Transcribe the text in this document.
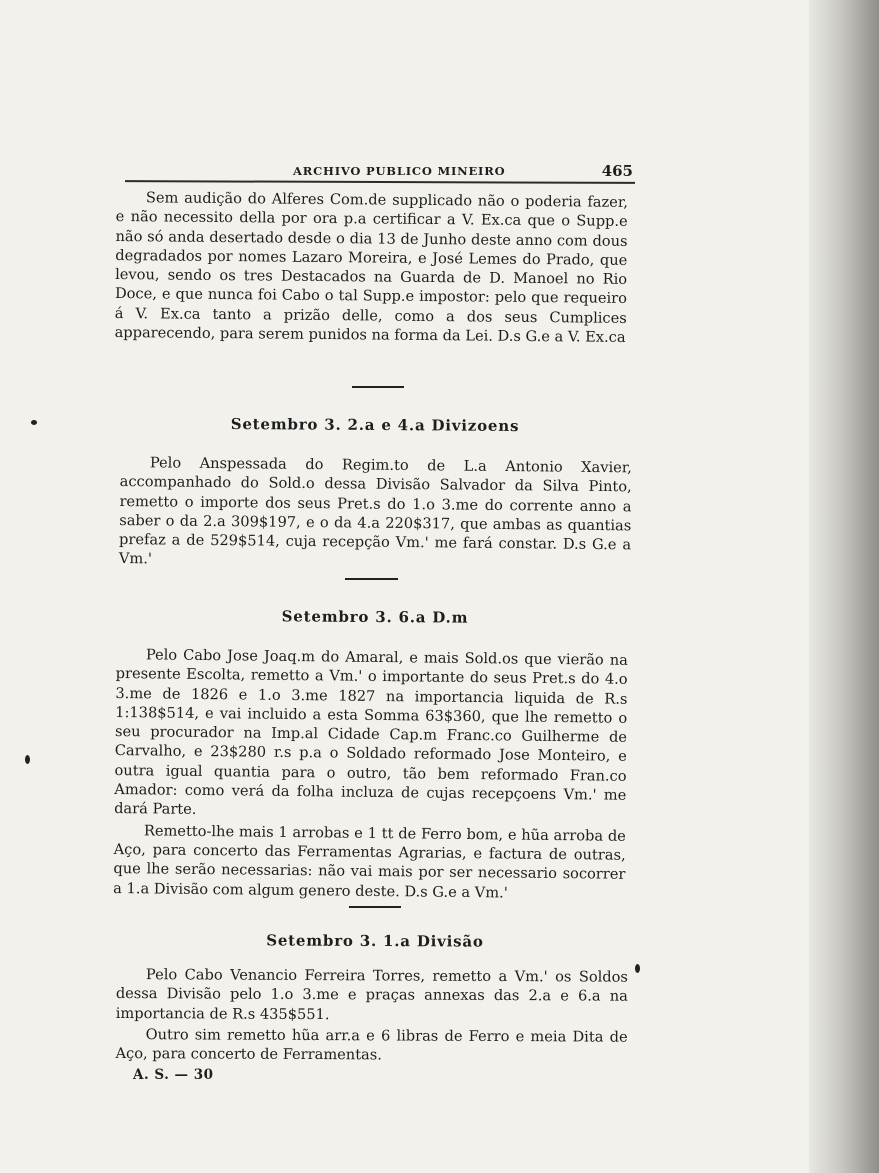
ARCHIVO PUBLICO MINEIRO	465

Sem audição do Alferes Com.de supplicado não o poderia fazer, e não necessito della por ora p.a certificar a V. Ex.ca que o Supp.e não só anda desertado desde o dia 13 de Junho deste anno com dous degradados por nomes Lazaro Moreira, e José Lemes do Prado, que levou, sendo os tres Destacados na Guarda de D. Manoel no Rio Doce, e que nunca foi Cabo o tal Supp.e impostor: pelo que requeiro á V. Ex.ca tanto a prizão delle, como a dos seus Cumplices apparecendo, para serem punidos na forma da Lei. D.s G.e a V. Ex.ca

Setembro 3. 2.a e 4.a Divizoens

Pelo Anspessada do Regim.to de L.a Antonio Xavier, accompanhado do Sold.o dessa Divisão Salvador da Silva Pinto, remetto o importe dos seus Pret.s do 1.o 3.me do corrente anno a saber o da 2.a 309$197, e o da 4.a 220$317, que ambas as quantias prefaz a de 529$514, cuja recepção Vm.' me fará constar. D.s G.e a Vm.'

Setembro 3. 6.a D.m

Pelo Cabo Jose Joaq.m do Amaral, e mais Sold.os que vierão na presente Escolta, remetto a Vm.' o importante do seus Pret.s do 4.o 3.me de 1826 e 1.o 3.me 1827 na importancia liquida de R.s 1:138$514, e vai incluido a esta Somma 63$360, que lhe remetto o seu procurador na Imp.al Cidade Cap.m Franc.co Guilherme de Carvalho, e 23$280 r.s p.a o Soldado reformado Jose Monteiro, e outra igual quantia para o outro, tão bem reformado Fran.co Amador: como verá da folha incluza de cujas recepçoens Vm.' me dará Parte.

Remetto-lhe mais 1 arrobas e 1 tt de Ferro bom, e hũa arroba de Aço, para concerto das Ferramentas Agrarias, e factura de outras, que lhe serão necessarias: não vai mais por ser necessario socorrer a 1.a Divisão com algum genero deste. D.s G.e a Vm.'

Setembro 3. 1.a Divisão

Pelo Cabo Venancio Ferreira Torres, remetto a Vm.' os Soldos dessa Divisão pelo 1.o 3.me e praças annexas das 2.a e 6.a na importancia de R.s 435$551.

Outro sim remetto hũa arr.a e 6 libras de Ferro e meia Dita de Aço, para concerto de Ferramentas.

A. S. — 30
